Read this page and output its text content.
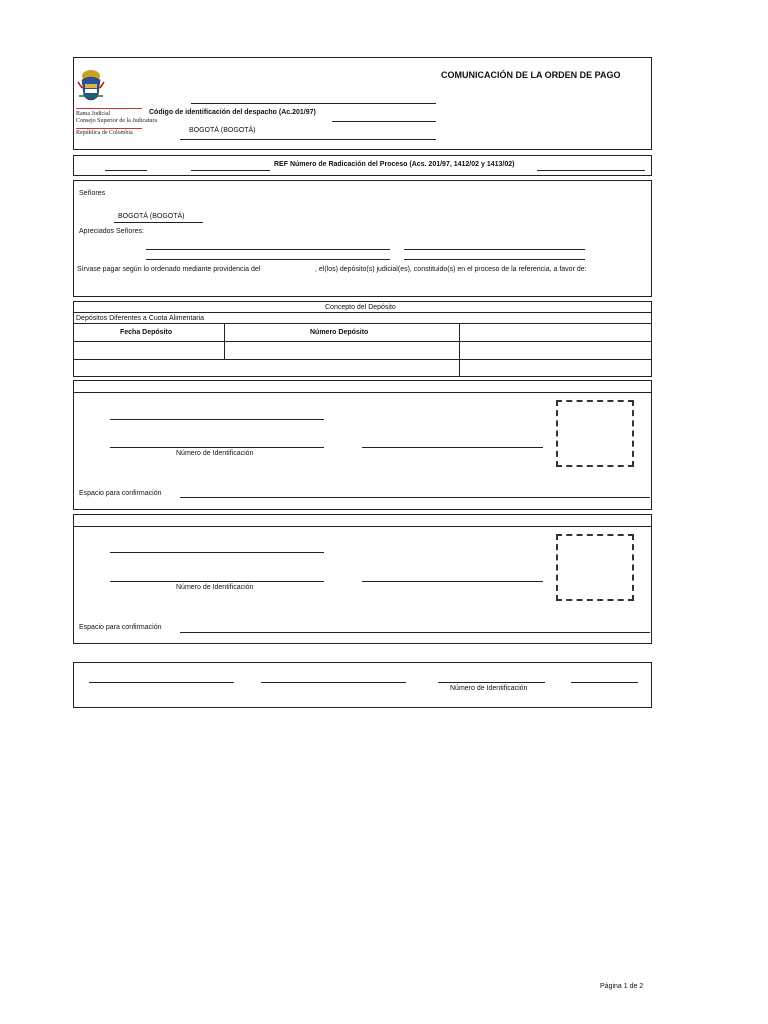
Rama Judicial
Consejo Superior de la Judicatura
República de Colombia
COMUNICACIÓN DE LA ORDEN DE PAGO
Código de identificación del despacho (Ac.201/97)
BOGOTÁ (BOGOTÁ)
REF Número de Radicación del Proceso (Acs. 201/97, 1412/02 y 1413/02)
Señores
BOGOTÁ (BOGOTÁ)
Apreciados Señores:
Sírvase pagar según lo ordenado mediante providencia del	, el(los) depósito(s) judicial(es), constituido(s) en el proceso de la referencia, a favor de:
Concepto del Depósito
Depósitos Diferentes a Cuota Alimentaria
Fecha Depósito	Número Depósito
Número de Identificación
Espacio para confirmación
Número de Identificación
Espacio para confirmación
Número de Identificación
Página 1 de 2
